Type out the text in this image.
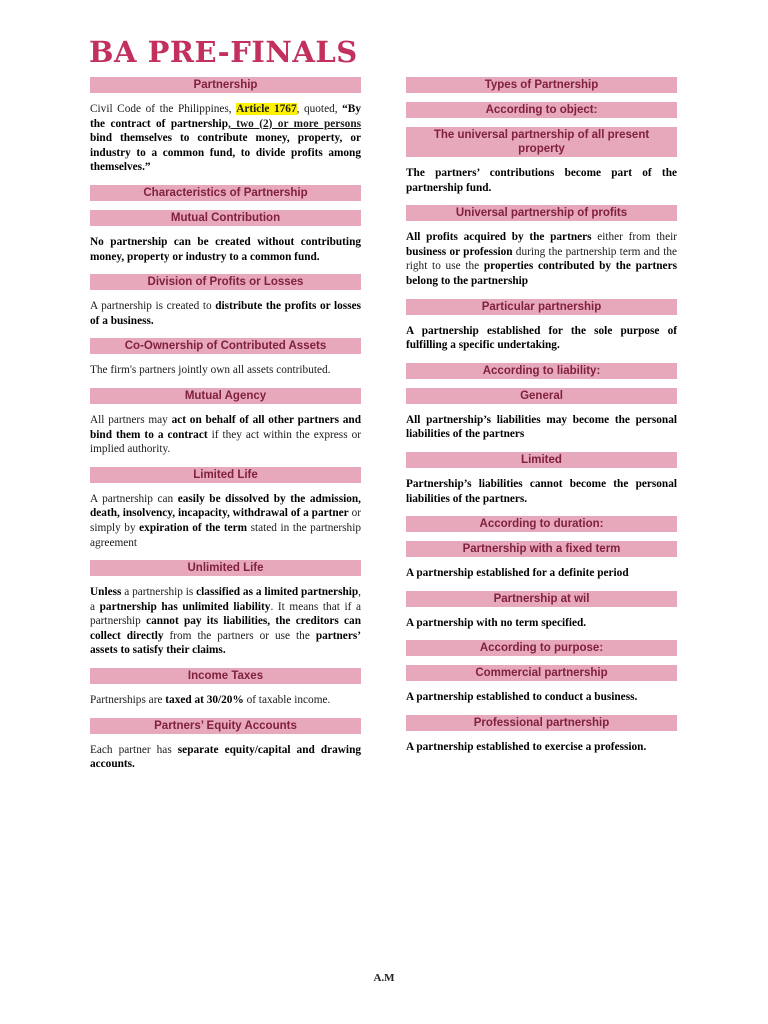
BA PRE-FINALS
Partnership

Civil Code of the Philippines, Article 1767, quoted, “By the contract of partnership, two (2) or more persons bind themselves to contribute money, property, or industry to a common fund, to divide profits among themselves.”

Characteristics of Partnership
Mutual Contribution

No partnership can be created without contributing money, property or industry to a common fund.

Division of Profits or Losses

A partnership is created to distribute the profits or losses of a business.

Co-Ownership of Contributed Assets

The firm's partners jointly own all assets contributed.

Mutual Agency

All partners may act on behalf of all other partners and bind them to a contract if they act within the express or implied authority.

Limited Life

A partnership can easily be dissolved by the admission, death, insolvency, incapacity, withdrawal of a partner or simply by expiration of the term stated in the partnership agreement

Unlimited Life

Unless a partnership is classified as a limited partnership, a partnership has unlimited liability. It means that if a partnership cannot pay its liabilities, the creditors can collect directly from the partners or use the partners’ assets to satisfy their claims.

Income Taxes

Partnerships are taxed at 30/20% of taxable income.

Partners’ Equity Accounts

Each partner has separate equity/capital and drawing accounts.

Types of Partnership
According to object:
The universal partnership of all present property

The partners’ contributions become part of the partnership fund.

Universal partnership of profits

All profits acquired by the partners either from their business or profession during the partnership term and the right to use the properties contributed by the partners belong to the partnership

Particular partnership

A partnership established for the sole purpose of fulfilling a specific undertaking.

According to liability:
General

All partnership’s liabilities may become the personal liabilities of the partners

Limited

Partnership’s liabilities cannot become the personal liabilities of the partners.

According to duration:
Partnership with a fixed term

A partnership established for a definite period

Partnership at wil

A partnership with no term specified.

According to purpose:
Commercial partnership

A partnership established to conduct a business.

Professional partnership

A partnership established to exercise a profession.

A.M
